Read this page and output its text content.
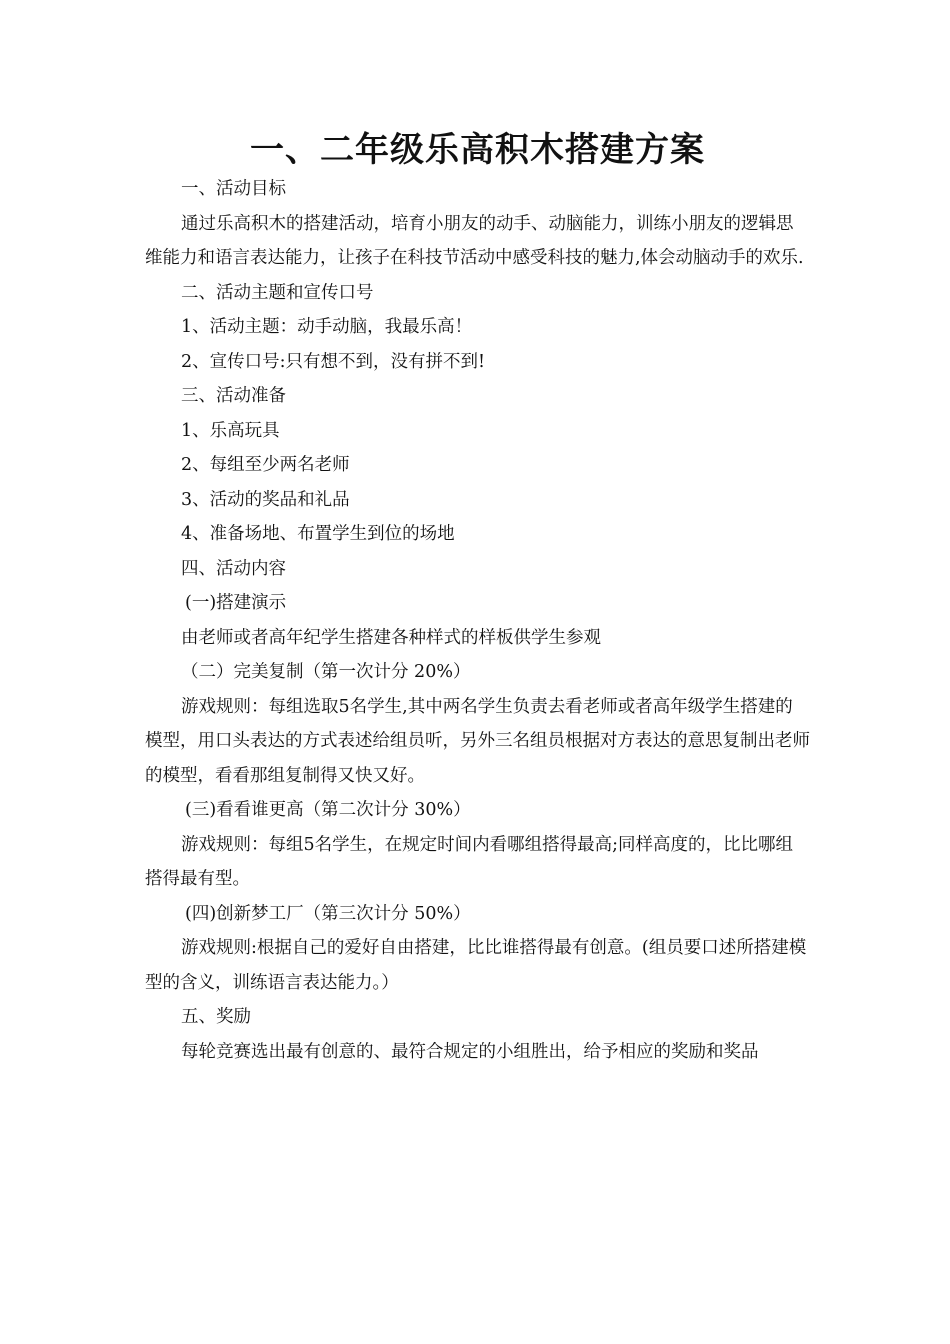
一、二年级乐高积木搭建方案

一、活动目标

通过乐高积木的搭建活动，培育小朋友的动手、动脑能力，训练小朋友的逻辑思维能力和语言表达能力，让孩子在科技节活动中感受科技的魅力,体会动脑动手的欢乐.

二、活动主题和宣传口号

1、活动主题：动手动脑，我最乐高！

2、宣传口号:只有想不到，没有拼不到!

三、活动准备

1、乐高玩具

2、每组至少两名老师

3、活动的奖品和礼品

4、准备场地、布置学生到位的场地

四、活动内容

(一)搭建演示

由老师或者高年纪学生搭建各种样式的样板供学生参观

（二）完美复制（第一次计分 20%）

游戏规则：每组选取5名学生,其中两名学生负责去看老师或者高年级学生搭建的模型，用口头表达的方式表述给组员听，另外三名组员根据对方表达的意思复制出老师的模型，看看那组复制得又快又好。

(三)看看谁更高（第二次计分 30%）

游戏规则：每组5名学生，在规定时间内看哪组搭得最高;同样高度的，比比哪组搭得最有型。

(四)创新梦工厂（第三次计分 50%）

游戏规则:根据自己的爱好自由搭建，比比谁搭得最有创意。(组员要口述所搭建模型的含义，训练语言表达能力。）

五、奖励

每轮竞赛选出最有创意的、最符合规定的小组胜出，给予相应的奖励和奖品
